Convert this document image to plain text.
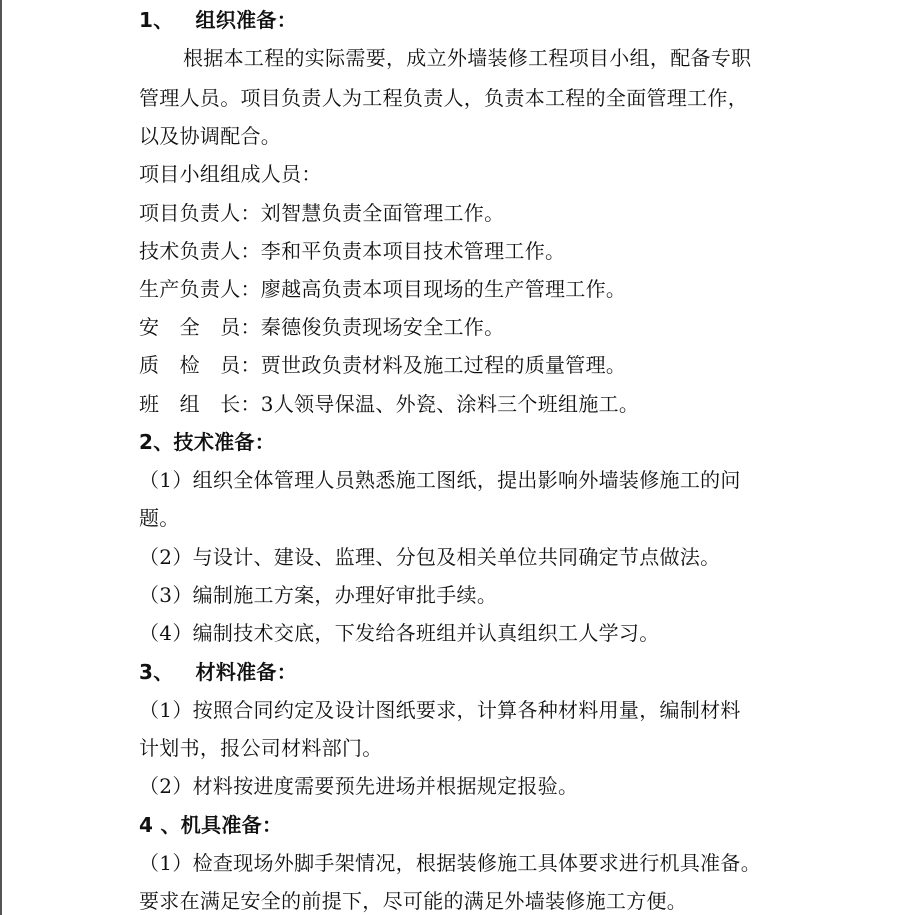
1、 组织准备：
根据本工程的实际需要，成立外墙装修工程项目小组，配备专职
管理人员。项目负责人为工程负责人，负责本工程的全面管理工作，
以及协调配合。
项目小组组成人员：
项目负责人：刘智慧负责全面管理工作。
技术负责人：李和平负责本项目技术管理工作。
生产负责人：廖越高负责本项目现场的生产管理工作。
安　全　员：秦德俊负责现场安全工作。
质　检　员：贾世政负责材料及施工过程的质量管理。
班　组　长：3人领导保温、外瓷、涂料三个班组施工。
2、技术准备：
（1）组织全体管理人员熟悉施工图纸，提出影响外墙装修施工的问
题。
（2）与设计、建设、监理、分包及相关单位共同确定节点做法。
（3）编制施工方案，办理好审批手续。
（4）编制技术交底，下发给各班组并认真组织工人学习。
3、 材料准备：
（1）按照合同约定及设计图纸要求，计算各种材料用量，编制材料
计划书，报公司材料部门。
（2）材料按进度需要预先进场并根据规定报验。
4 、机具准备：
（1）检查现场外脚手架情况，根据装修施工具体要求进行机具准备。
要求在满足安全的前提下，尽可能的满足外墙装修施工方便。
